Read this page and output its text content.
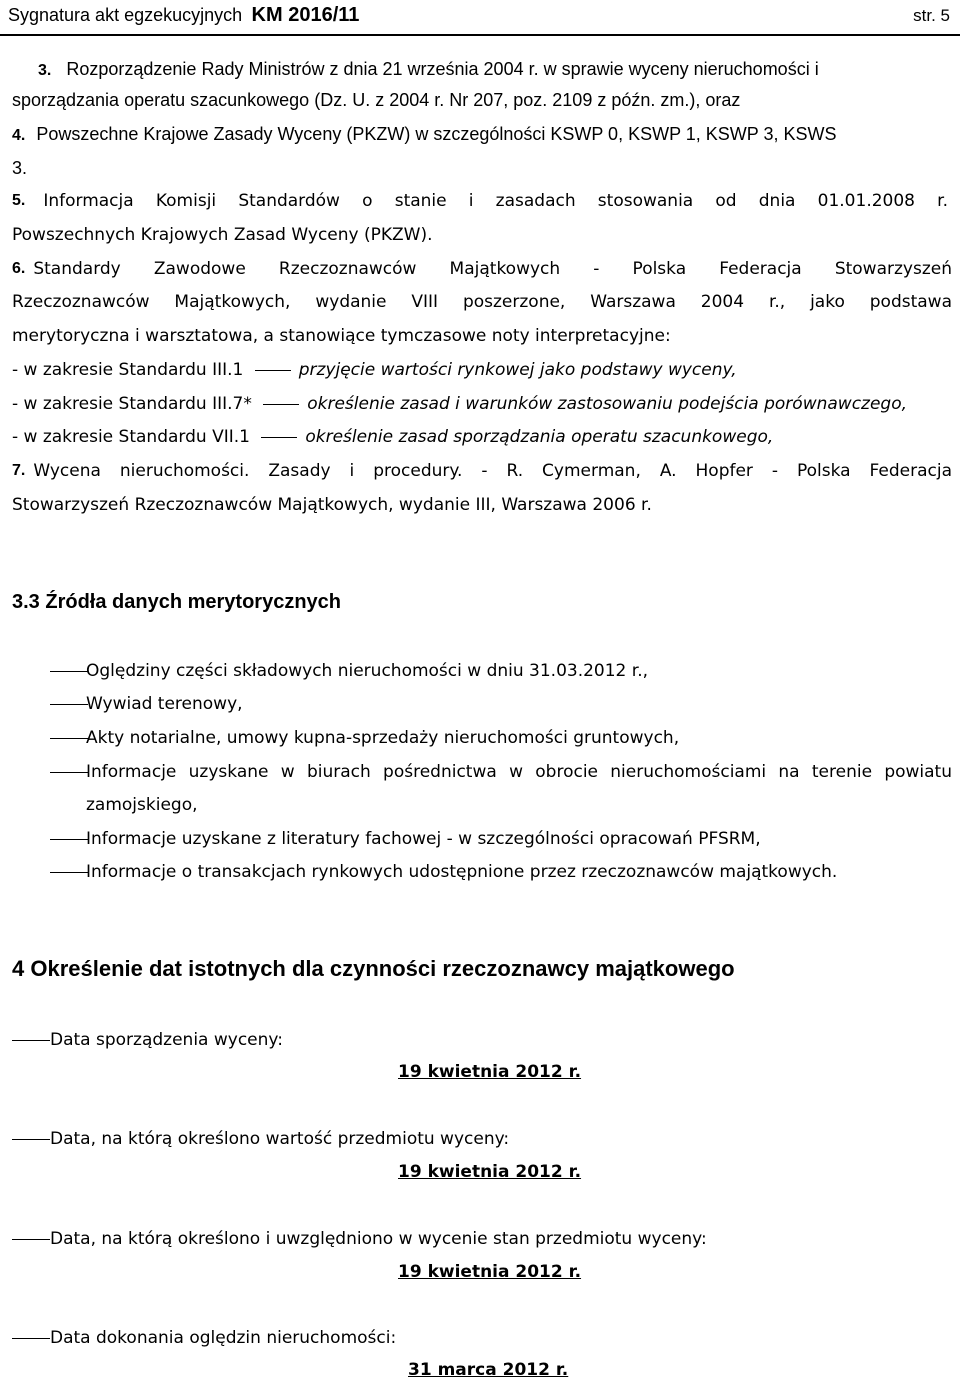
Sygnatura akt egzekucyjnych KM 2016/11	str. 5
3. Rozporządzenie Rady Ministrów z dnia 21 września 2004 r. w sprawie wyceny nieruchomości i
sporządzania operatu szacunkowego (Dz. U. z 2004 r. Nr 207, poz. 2109 z późn. zm.), oraz
4. Powszechne Krajowe Zasady Wyceny (PKZW) w szczególności KSWP 0, KSWP 1, KSWP 3, KSWS
3.
5. Informacja Komisji Standardów o stanie i zasadach stosowania od dnia 01.01.2008 r.
Powszechnych Krajowych Zasad Wyceny (PKZW).
6. Standardy Zawodowe Rzeczoznawców Majątkowych - Polska Federacja Stowarzyszeń
Rzeczoznawców Majątkowych, wydanie VIII poszerzone, Warszawa 2004 r., jako podstawa
merytoryczna i warsztatowa, a stanowiące tymczasowe noty interpretacyjne:
- w zakresie Standardu III.1	przyjęcie wartości rynkowej jako podstawy wyceny,
- w zakresie Standardu III.7*	określenie zasad i warunków zastosowaniu podejścia porównawczego,
- w zakresie Standardu VII.1	określenie zasad sporządzania operatu szacunkowego,
7. Wycena nieruchomości. Zasady i procedury. - R. Cymerman, A. Hopfer - Polska Federacja
Stowarzyszeń Rzeczoznawców Majątkowych, wydanie III, Warszawa 2006 r.
3.3 Źródła danych merytorycznych
Oględziny części składowych nieruchomości w dniu 31.03.2012 r.,
Wywiad terenowy,
Akty notarialne, umowy kupna-sprzedaży nieruchomości gruntowych,
Informacje uzyskane w biurach pośrednictwa w obrocie nieruchomościami na terenie powiatu
zamojskiego,
Informacje uzyskane z literatury fachowej - w szczególności opracowań PFSRM,
Informacje o transakcjach rynkowych udostępnione przez rzeczoznawców majątkowych.
4 Określenie dat istotnych dla czynności rzeczoznawcy majątkowego
Data sporządzenia wyceny:
19 kwietnia 2012 r.
Data, na którą określono wartość przedmiotu wyceny:
19 kwietnia 2012 r.
Data, na którą określono i uwzględniono w wycenie stan przedmiotu wyceny:
19 kwietnia 2012 r.
Data dokonania oględzin nieruchomości:
31 marca 2012 r.
